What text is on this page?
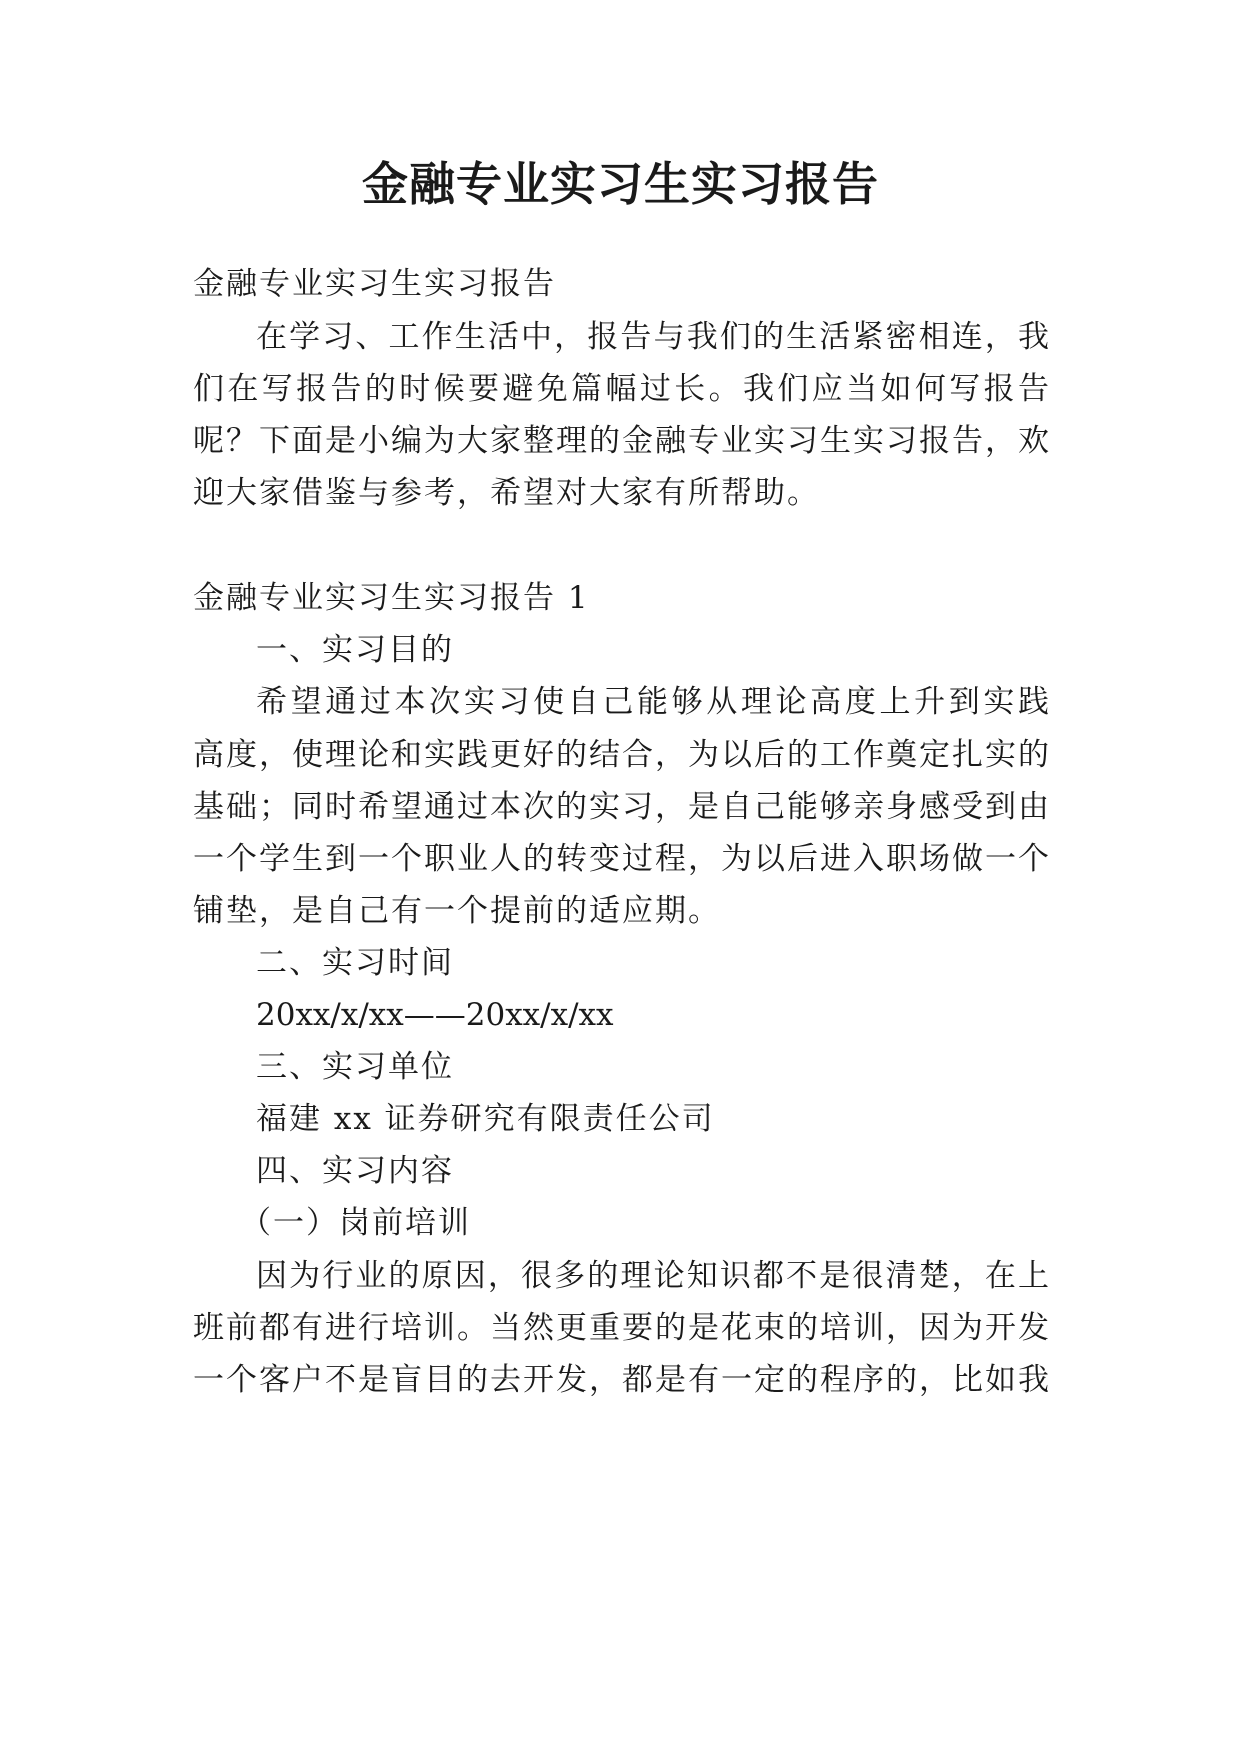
金融专业实习生实习报告
金融专业实习生实习报告
在学习、工作生活中，报告与我们的生活紧密相连，我
们在写报告的时候要避免篇幅过长。我们应当如何写报告
呢？下面是小编为大家整理的金融专业实习生实习报告，欢
迎大家借鉴与参考，希望对大家有所帮助。
金融专业实习生实习报告 1
一、实习目的
希望通过本次实习使自己能够从理论高度上升到实践
高度，使理论和实践更好的结合，为以后的工作奠定扎实的
基础；同时希望通过本次的实习，是自己能够亲身感受到由
一个学生到一个职业人的转变过程，为以后进入职场做一个
铺垫，是自己有一个提前的适应期。
二、实习时间
20xx/x/xx——20xx/x/xx
三、实习单位
福建 xx 证券研究有限责任公司
四、实习内容
（一）岗前培训
因为行业的原因，很多的理论知识都不是很清楚，在上
班前都有进行培训。当然更重要的是花束的培训，因为开发
一个客户不是盲目的去开发，都是有一定的程序的，比如我
